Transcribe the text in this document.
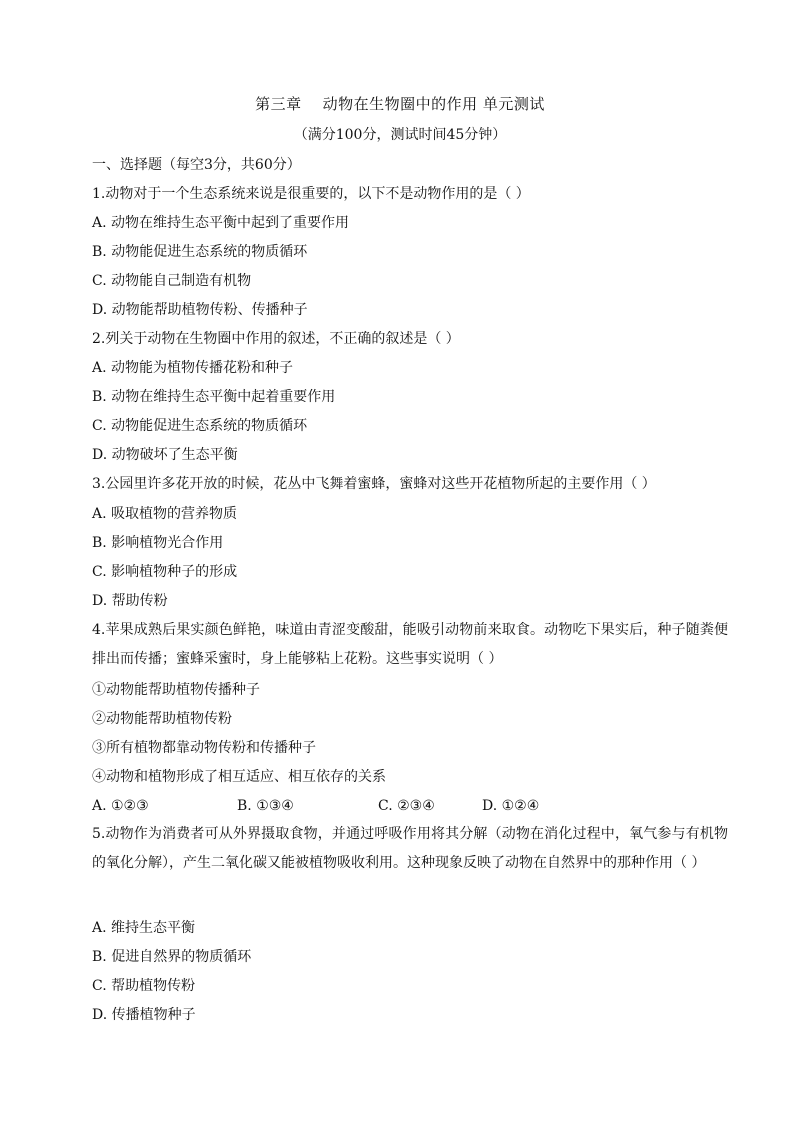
第三章    动物在生物圈中的作用 单元测试
（满分100分，测试时间45分钟）
一、选择题（每空3分，共60分）
1.动物对于一个生态系统来说是很重要的，以下不是动物作用的是（ ）
A. 动物在维持生态平衡中起到了重要作用
B. 动物能促进生态系统的物质循环
C. 动物能自己制造有机物
D. 动物能帮助植物传粉、传播种子
2.列关于动物在生物圈中作用的叙述，不正确的叙述是（ ）
A. 动物能为植物传播花粉和种子
B. 动物在维持生态平衡中起着重要作用
C. 动物能促进生态系统的物质循环
D. 动物破坏了生态平衡
3.公园里许多花开放的时候，花丛中飞舞着蜜蜂，蜜蜂对这些开花植物所起的主要作用（ ）
A. 吸取植物的营养物质
B. 影响植物光合作用
C. 影响植物种子的形成
D. 帮助传粉
4.苹果成熟后果实颜色鲜艳，味道由青涩变酸甜，能吸引动物前来取食。动物吃下果实后，种子随粪便排出而传播；蜜蜂采蜜时，身上能够粘上花粉。这些事实说明（ ）
①动物能帮助植物传播种子
②动物能帮助植物传粉
③所有植物都靠动物传粉和传播种子
④动物和植物形成了相互适应、相互依存的关系
A. ①②③	B. ①③④	C. ②③④	D. ①②④
5.动物作为消费者可从外界摄取食物，并通过呼吸作用将其分解（动物在消化过程中，氧气参与有机物的氧化分解），产生二氧化碳又能被植物吸收利用。这种现象反映了动物在自然界中的那种作用（ ）
A. 维持生态平衡
B. 促进自然界的物质循环
C. 帮助植物传粉
D. 传播植物种子
